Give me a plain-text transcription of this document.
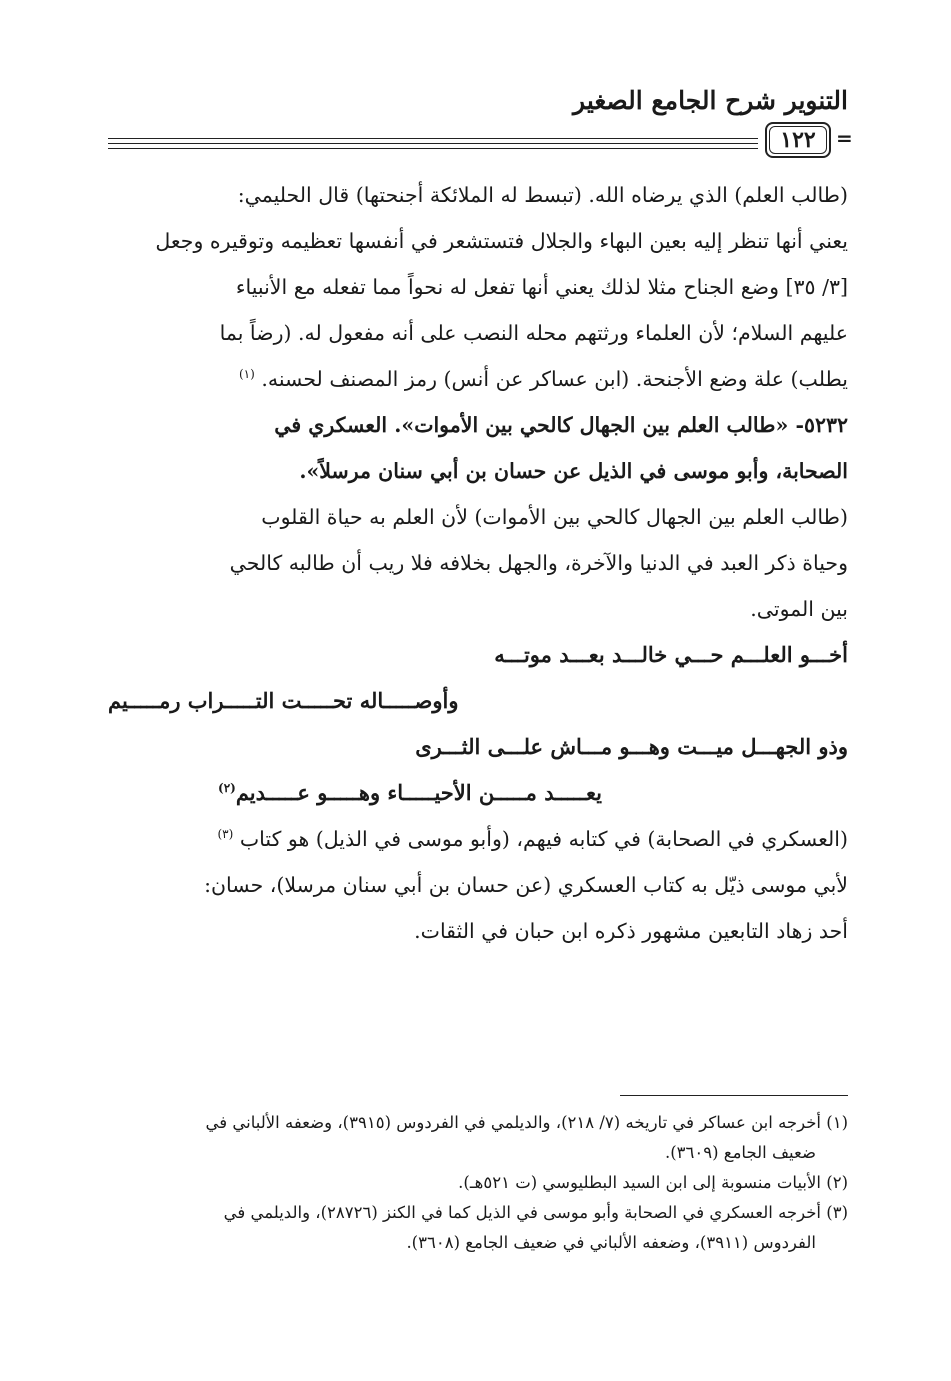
التنوير شرح الجامع الصغير
١٢٢	=
(طالب العلم) الذي يرضاه الله. (تبسط له الملائكة أجنحتها) قال الحليمي:
يعني أنها تنظر إليه بعين البهاء والجلال فتستشعر في أنفسها تعظيمه وتوقيره وجعل
[٣/ ٣٥] وضع الجناح مثلا لذلك يعني أنها تفعل له نحواً مما تفعله مع الأنبياء
عليهم السلام؛ لأن العلماء ورثتهم محله النصب على أنه مفعول له. (رضاً بما
يطلب) علة وضع الأجنحة. (ابن عساكر عن أنس) رمز المصنف لحسنه. $^{(١)}$
٥٢٣٢- «طالب العلم بين الجهال كالحي بين الأموات». العسكري في
الصحابة، وأبو موسى في الذيل عن حسان بن أبي سنان مرسلاً».
(طالب العلم بين الجهال كالحي بين الأموات) لأن العلم به حياة القلوب
وحياة ذكر العبد في الدنيا والآخرة، والجهل بخلافه فلا ريب أن طالبه كالحي
بين الموتى.
أخـــو العلـــم حـــي خالـــد بعـــد موتـــه
وأوصـــــاله تحـــــت التـــــراب رمـــــيم
وذو الجهـــل ميـــت وهـــو مـــاش علـــى الثـــرى
يعـــــد مـــــن الأحيـــــاء وهـــــو عـــــديم$^{(٢)}$
(العسكري في الصحابة) في كتابه فيهم، (وأبو موسى في الذيل) هو كتاب $^{(٣)}$
لأبي موسى ذيّل به كتاب العسكري (عن حسان بن أبي سنان مرسلا)، حسان:
أحد زهاد التابعين مشهور ذكره ابن حبان في الثقات.
(١) أخرجه ابن عساكر في تاريخه (٧/ ٢١٨)، والديلمي في الفردوس (٣٩١٥)، وضعفه الألباني في
ضعيف الجامع (٣٦٠٩).
(٢) الأبيات منسوبة إلى ابن السيد البطليوسي (ت ٥٢١هـ).
(٣) أخرجه العسكري في الصحابة وأبو موسى في الذيل كما في الكنز (٢٨٧٢٦)، والديلمي في
الفردوس (٣٩١١)، وضعفه الألباني في ضعيف الجامع (٣٦٠٨).
